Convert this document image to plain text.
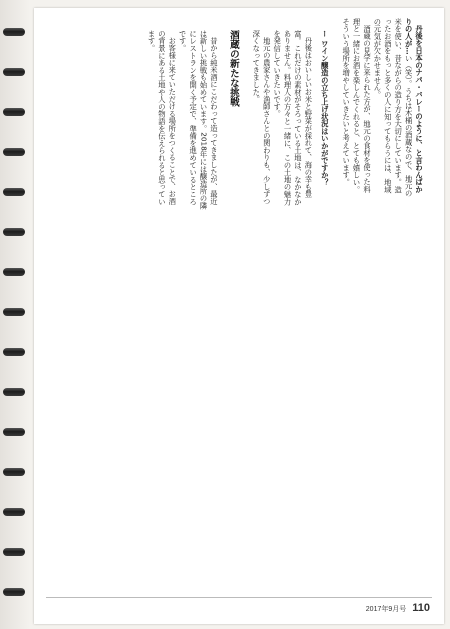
丹後を日本のナパ・バレーのように、と言わんばかりの人が…い（笑）。うちは木桶の酒蔵なので、地元の米を使い、昔ながらの造り方を大切にしています。造ったお酒をもっと多くの人に知ってもらうには、地域の元気が欠かせません。

酒蔵の見学に来られた方が、地元の食材を使った料理と一緒にお酒を楽しんでくれると、とても嬉しい。そういう場所を増やしていきたいと考えています。

ー ワイン醸造の立ち上げ状況はいかがですか？

丹後はおいしいお米と野菜が採れて、海の幸も豊富。これだけの素材がそろっている土地は、なかなかありません。料理人の方々と一緒に、この土地の魅力を発信していきたいです。

地元の農家さんや漁師さんとの関わりも、少しずつ深くなってきました。

酒蔵の新たな挑戦

昔から純米酒にこだわって造ってきましたが、最近は新しい挑戦も始めています。2018年には醸造所の隣にレストランを開く予定で、準備を進めているところです。

お客様に来ていただける場所をつくることで、お酒の背景にある土地や人の物語を伝えられると思っています。

2017年9月号 110
